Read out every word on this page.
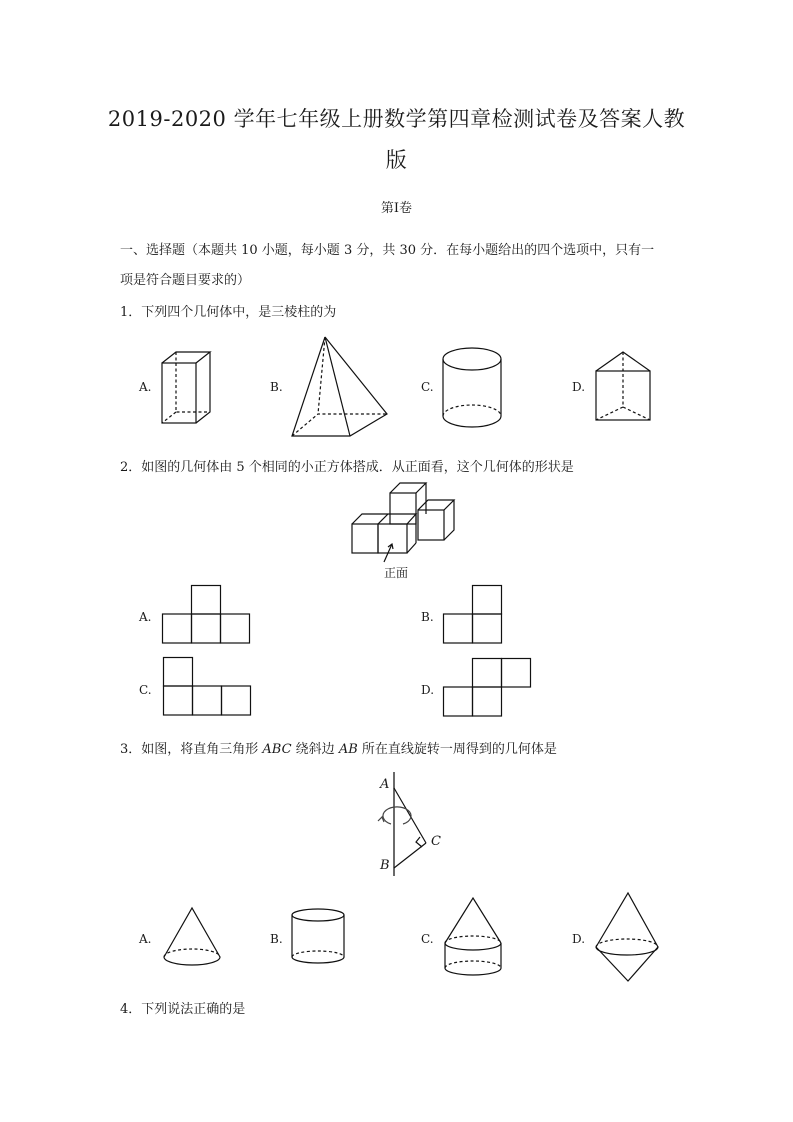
2019-2020 学年七年级上册数学第四章检测试卷及答案人教
版
第Ⅰ卷
一、选择题（本题共 10 小题，每小题 3 分，共 30 分．在每小题给出的四个选项中，只有一
项是符合题目要求的）
1．下列四个几何体中，是三棱柱的为
A.	B.	C.	D.
2．如图的几何体由 5 个相同的小正方体搭成．从正面看，这个几何体的形状是
正面
A.	B.
C.	D.
3．如图，将直角三角形 ABC 绕斜边 AB 所在直线旋转一周得到的几何体是
A
B
C
A.	B.	C.	D.
4．下列说法正确的是
